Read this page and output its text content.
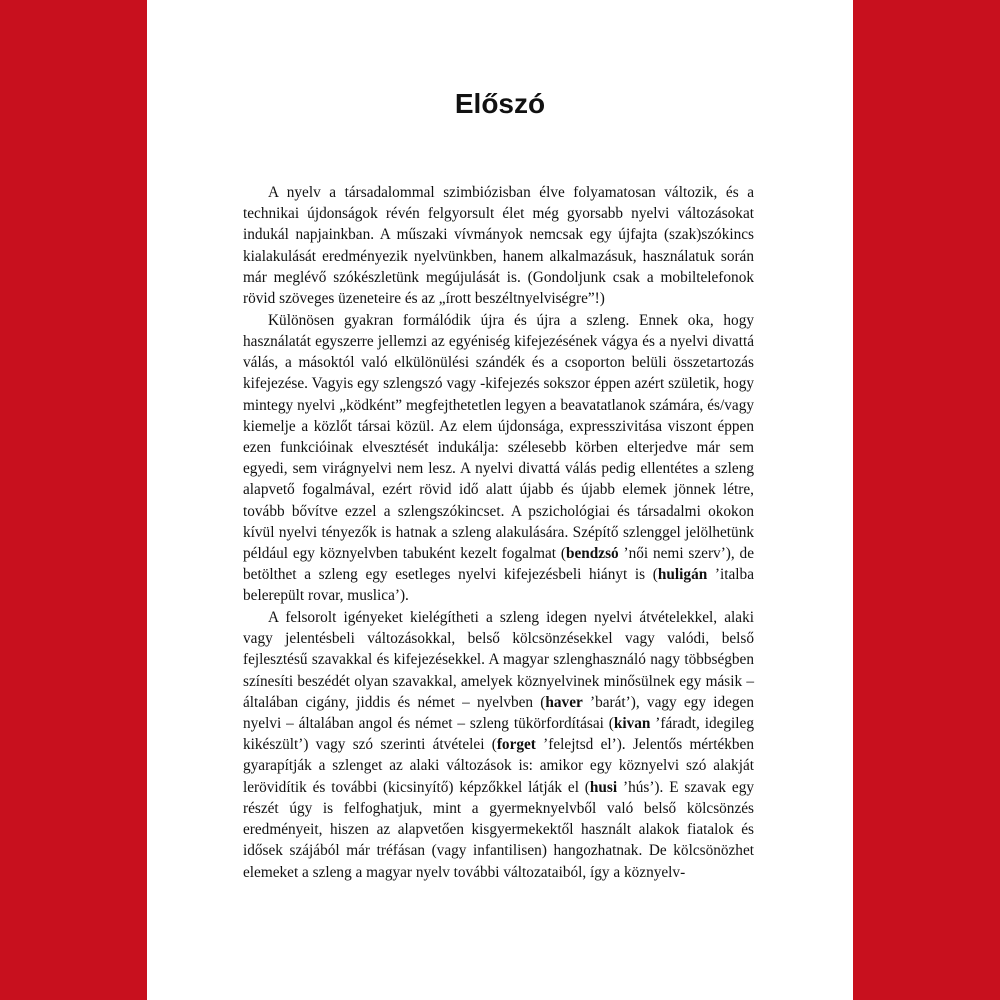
Előszó

A nyelv a társadalommal szimbiózisban élve folyamatosan változik, és a technikai újdonságok révén felgyorsult élet még gyorsabb nyelvi változásokat indukál napjainkban. A műszaki vívmányok nemcsak egy újfajta (szak)szókincs kialakulását eredményezik nyelvünkben, hanem alkalmazásuk, használatuk során már meglévő szókészletünk megújulását is. (Gondoljunk csak a mobiltelefonok rövid szöveges üzeneteire és az „írott beszéltnyelviségre”!)

Különösen gyakran formálódik újra és újra a szleng. Ennek oka, hogy használatát egyszerre jellemzi az egyéniség kifejezésének vágya és a nyelvi divattá válás, a másoktól való elkülönülési szándék és a csoporton belüli összetartozás kifejezése. Vagyis egy szlengszó vagy -kifejezés sokszor éppen azért születik, hogy mintegy nyelvi „ködként” megfejthetetlen legyen a beavatatlanok számára, és/vagy kiemelje a közlőt társai közül. Az elem újdonsága, expresszivitása viszont éppen ezen funkcióinak elvesztését indukálja: szélesebb körben elterjedve már sem egyedi, sem virágnyelvi nem lesz. A nyelvi divattá válás pedig ellentétes a szleng alapvető fogalmával, ezért rövid idő alatt újabb és újabb elemek jönnek létre, tovább bővítve ezzel a szlengszókincset. A pszichológiai és társadalmi okokon kívül nyelvi tényezők is hatnak a szleng alakulására. Szépítő szlenggel jelölhetünk például egy köznyelvben tabuként kezelt fogalmat (bendzsó ’női nemi szerv’), de betölthet a szleng egy esetleges nyelvi kifejezésbeli hiányt is (huligán ’italba belerepült rovar, muslica’).

A felsorolt igényeket kielégítheti a szleng idegen nyelvi átvételekkel, alaki vagy jelentésbeli változásokkal, belső kölcsönzésekkel vagy valódi, belső fejlesztésű szavakkal és kifejezésekkel. A magyar szlenghasználó nagy többségben színesíti beszédét olyan szavakkal, amelyek köznyelvinek minősülnek egy másik – általában cigány, jiddis és német – nyelvben (haver ’barát’), vagy egy idegen nyelvi – általában angol és német – szleng tükörfordításai (kivan ’fáradt, idegileg kikészült’) vagy szó szerinti átvételei (forget ’felejtsd el’). Jelentős mértékben gyarapítják a szlenget az alaki változások is: amikor egy köznyelvi szó alakját lerövidítik és további (kicsinyítő) képzőkkel látják el (husi ’hús’). E szavak egy részét úgy is felfoghatjuk, mint a gyermeknyelvből való belső kölcsönzés eredményeit, hiszen az alapvetően kisgyermekektől használt alakok fiatalok és idősek szájából már tréfásan (vagy infantilisen) hangozhatnak. De kölcsönözhet elemeket a szleng a magyar nyelv további változataiból, így a köznyelv-
